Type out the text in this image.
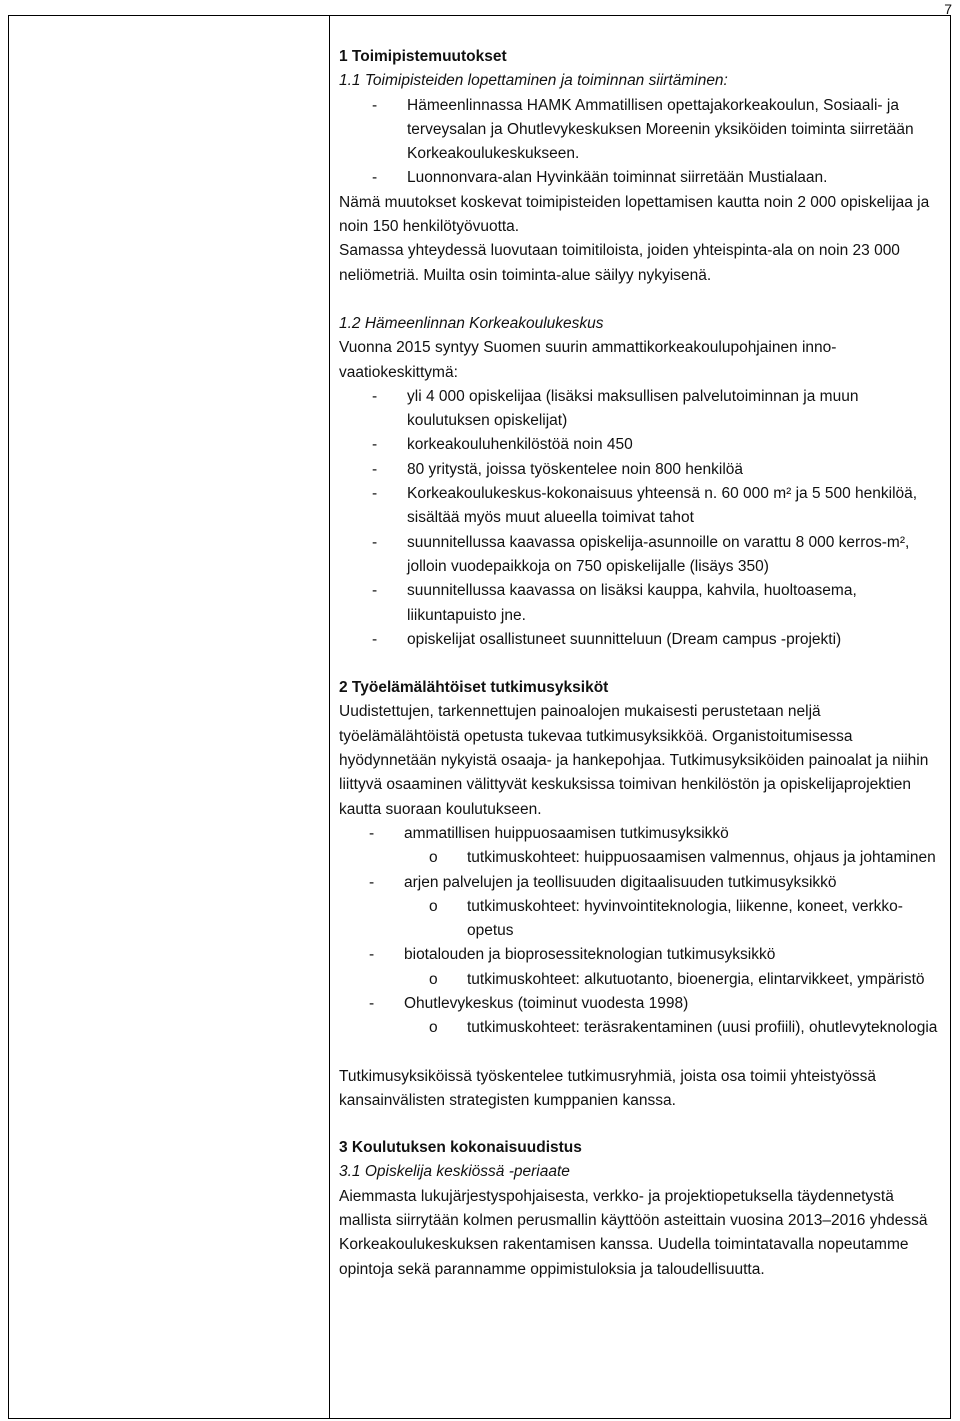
7

1 Toimipistemuutokset

1.1 Toimipisteiden lopettaminen ja toiminnan siirtäminen:

-	Hämeenlinnassa HAMK Ammatillisen opettajakorkeakoulun, Sosiaali- ja terveysalan ja Ohutlevykeskuksen Moreenin yksiköiden toiminta siirretään Korkeakoulukeskukseen.
-	Luonnonvara-alan Hyvinkään toiminnat siirretään Mustialaan.

Nämä muutokset koskevat toimipisteiden lopettamisen kautta noin 2 000 opiskelijaa ja noin 150 henkilötyövuotta.

Samassa yhteydessä luovutaan toimitiloista, joiden yhteispinta-ala on noin 23 000 neliömetriä. Muilta osin toiminta-alue säilyy nykyisenä.

1.2 Hämeenlinnan Korkeakoulukeskus

Vuonna 2015 syntyy Suomen suurin ammattikorkeakoulupohjainen innovaatiokeskittymä:

-	yli 4 000 opiskelijaa (lisäksi maksullisen palvelutoiminnan ja muun koulutuksen opiskelijat)
-	korkeakouluhenkilöstöä noin 450
-	80 yritystä, joissa työskentelee noin 800 henkilöä
-	Korkeakoulukeskus-kokonaisuus yhteensä n. 60 000 m² ja 5 500 henkilöä, sisältää myös muut alueella toimivat tahot
-	suunnitellussa kaavassa opiskelija-asunnoille on varattu 8 000 kerros-m², jolloin vuodepaikkoja on 750 opiskelijalle (lisäys 350)
-	suunnitellussa kaavassa on lisäksi kauppa, kahvila, huoltoasema, liikuntapuisto jne.
-	opiskelijat osallistuneet suunnitteluun (Dream campus -projekti)

2 Työelämälähtöiset tutkimusyksiköt

Uudistettujen, tarkennettujen painoalojen mukaisesti perustetaan neljä työelämälähtöistä opetusta tukevaa tutkimusyksikköä. Organistoitumisessa hyödynnetään nykyistä osaaja- ja hankepohjaa. Tutkimusyksiköiden painoalat ja niihin liittyvä osaaminen välittyvät keskuksissa toimivan henkilöstön ja opiskelijaprojektien kautta suoraan koulutukseen.

-	ammatillisen huippuosaamisen tutkimusyksikkö
o	tutkimuskohteet: huippuosaamisen valmennus, ohjaus ja johtaminen
-	arjen palvelujen ja teollisuuden digitaalisuuden tutkimusyksikkö
o	tutkimuskohteet: hyvinvointiteknologia, liikenne, koneet, verkko-opetus
-	biotalouden ja bioprosessiteknologian tutkimusyksikkö
o	tutkimuskohteet: alkutuotanto, bioenergia, elintarvikkeet, ympäristö
-	Ohutlevykeskus (toiminut vuodesta 1998)
o	tutkimuskohteet: teräsrakentaminen (uusi profiili), ohutlevyteknologia

Tutkimusyksiköissä työskentelee tutkimusryhmiä, joista osa toimii yhteistyössä kansainvälisten strategisten kumppanien kanssa.

3 Koulutuksen kokonaisuudistus

3.1 Opiskelija keskiössä -periaate

Aiemmasta lukujärjestyspohjaisesta, verkko- ja projektiopetuksella täydennetystä mallista siirrytään kolmen perusmallin käyttöön asteittain vuosina 2013–2016 yhdessä Korkeakoulukeskuksen rakentamisen kanssa. Uudella toimintatavalla nopeutamme opintoja sekä parannamme oppimistuloksia ja taloudellisuutta.
